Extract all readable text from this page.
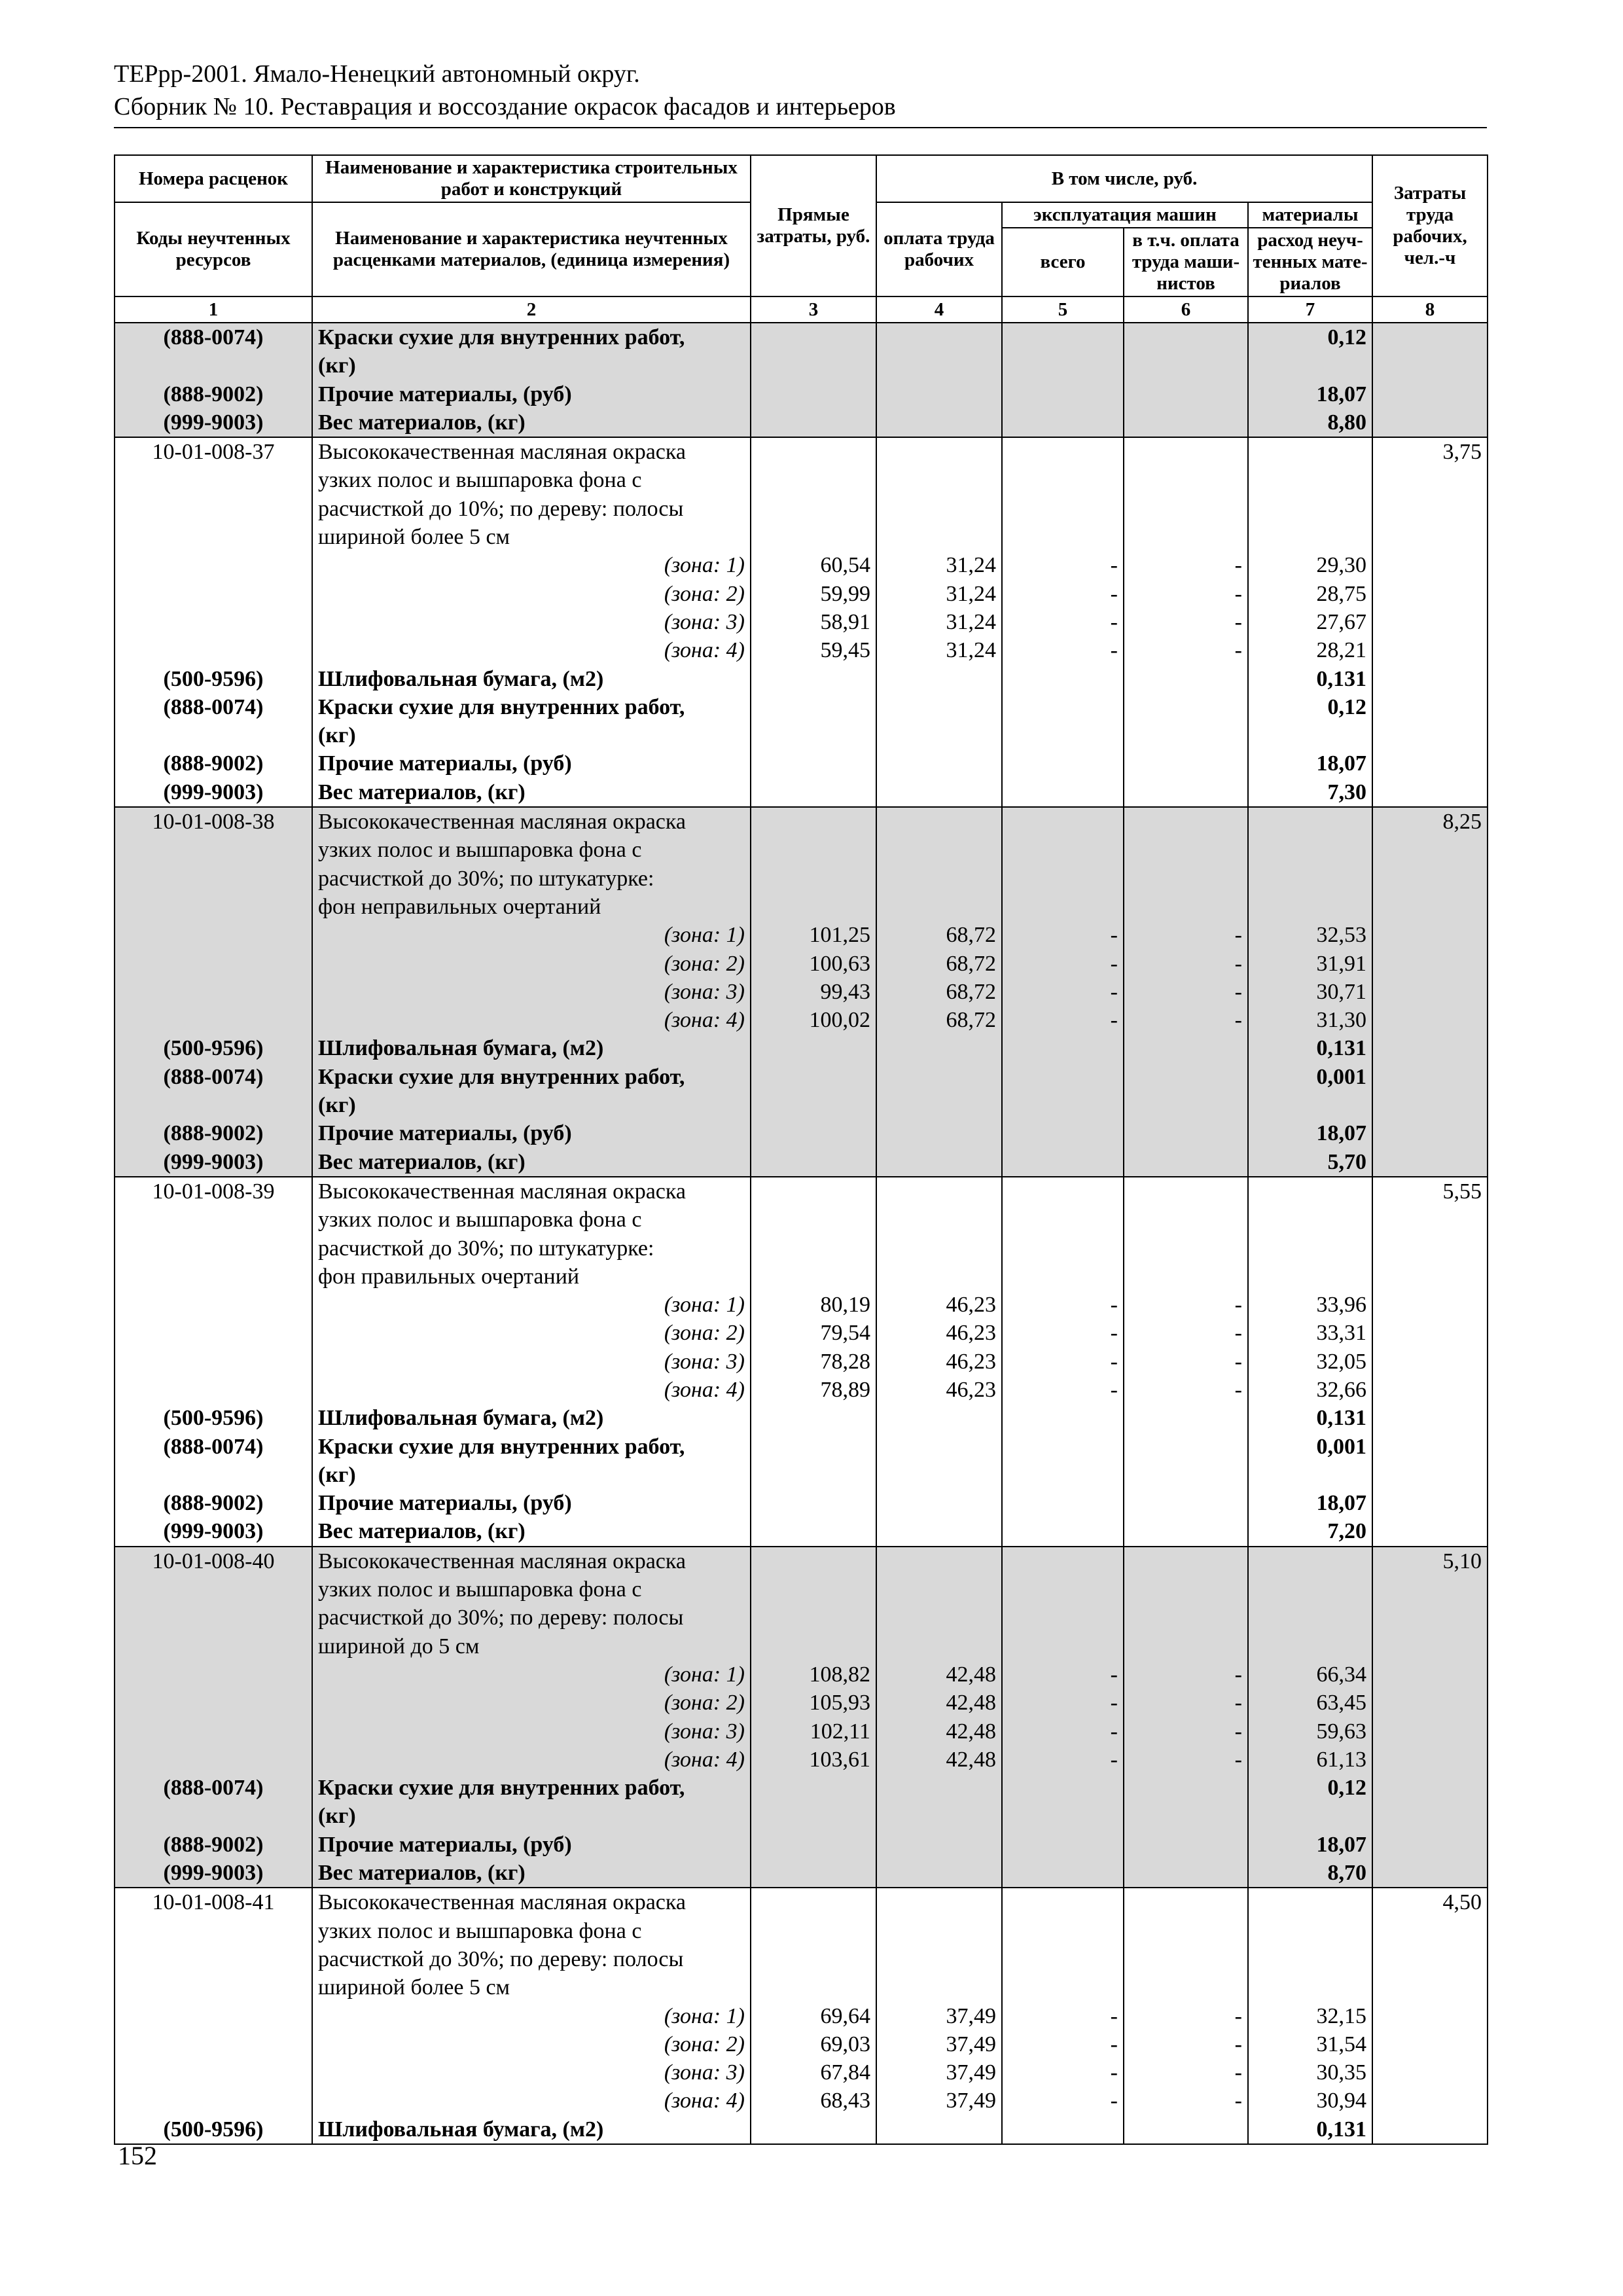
ТЕРрр-2001. Ямало-Ненецкий автономный округ.
Сборник № 10. Реставрация и воссоздание окрасок фасадов и интерьеров
Номера расценок	Наименование и характеристика строительных работ и конструкций	Прямые затраты, руб.	В том числе, руб.				Затраты труда рабочих, чел.-ч
Коды неучтенных ресурсов	Наименование и характеристика неучтенных расценками материалов, (единица измерения)		оплата труда рабочих	эксплуатация машин		материалы	
				всего	в т.ч. оплата труда маши-нистов	расход неуч-тенных мате-риалов	
1	2	3	4	5	6	7	8
(888-0074)	Краски сухие для внутренних работ,					0,12	
	(кг)						
(888-9002)	Прочие материалы, (руб)					18,07	
(999-9003)	Вес материалов, (кг)					8,80	
10-01-008-37	Высококачественная масляная окраска						3,75
	узких полос и вышпаровка фона с						
	расчисткой до 10%; по дереву: полосы						
	шириной более 5 см						
	(зона: 1)	60,54	31,24	-	-	29,30	
	(зона: 2)	59,99	31,24	-	-	28,75	
	(зона: 3)	58,91	31,24	-	-	27,67	
	(зона: 4)	59,45	31,24	-	-	28,21	
(500-9596)	Шлифовальная бумага, (м2)					0,131	
(888-0074)	Краски сухие для внутренних работ,					0,12	
	(кг)						
(888-9002)	Прочие материалы, (руб)					18,07	
(999-9003)	Вес материалов, (кг)					7,30	
10-01-008-38	Высококачественная масляная окраска						8,25
	узких полос и вышпаровка фона с						
	расчисткой до 30%; по штукатурке:						
	фон неправильных очертаний						
	(зона: 1)	101,25	68,72	-	-	32,53	
	(зона: 2)	100,63	68,72	-	-	31,91	
	(зона: 3)	99,43	68,72	-	-	30,71	
	(зона: 4)	100,02	68,72	-	-	31,30	
(500-9596)	Шлифовальная бумага, (м2)					0,131	
(888-0074)	Краски сухие для внутренних работ,					0,001	
	(кг)						
(888-9002)	Прочие материалы, (руб)					18,07	
(999-9003)	Вес материалов, (кг)					5,70	
10-01-008-39	Высококачественная масляная окраска						5,55
	узких полос и вышпаровка фона с						
	расчисткой до 30%; по штукатурке:						
	фон правильных очертаний						
	(зона: 1)	80,19	46,23	-	-	33,96	
	(зона: 2)	79,54	46,23	-	-	33,31	
	(зона: 3)	78,28	46,23	-	-	32,05	
	(зона: 4)	78,89	46,23	-	-	32,66	
(500-9596)	Шлифовальная бумага, (м2)					0,131	
(888-0074)	Краски сухие для внутренних работ,					0,001	
	(кг)						
(888-9002)	Прочие материалы, (руб)					18,07	
(999-9003)	Вес материалов, (кг)					7,20	
10-01-008-40	Высококачественная масляная окраска						5,10
	узких полос и вышпаровка фона с						
	расчисткой до 30%; по дереву: полосы						
	шириной до 5 см						
	(зона: 1)	108,82	42,48	-	-	66,34	
	(зона: 2)	105,93	42,48	-	-	63,45	
	(зона: 3)	102,11	42,48	-	-	59,63	
	(зона: 4)	103,61	42,48	-	-	61,13	
(888-0074)	Краски сухие для внутренних работ,					0,12	
	(кг)						
(888-9002)	Прочие материалы, (руб)					18,07	
(999-9003)	Вес материалов, (кг)					8,70	
10-01-008-41	Высококачественная масляная окраска						4,50
	узких полос и вышпаровка фона с						
	расчисткой до 30%; по дереву: полосы						
	шириной более 5 см						
	(зона: 1)	69,64	37,49	-	-	32,15	
	(зона: 2)	69,03	37,49	-	-	31,54	
	(зона: 3)	67,84	37,49	-	-	30,35	
	(зона: 4)	68,43	37,49	-	-	30,94	
(500-9596)	Шлифовальная бумага, (м2)					0,131	
152
